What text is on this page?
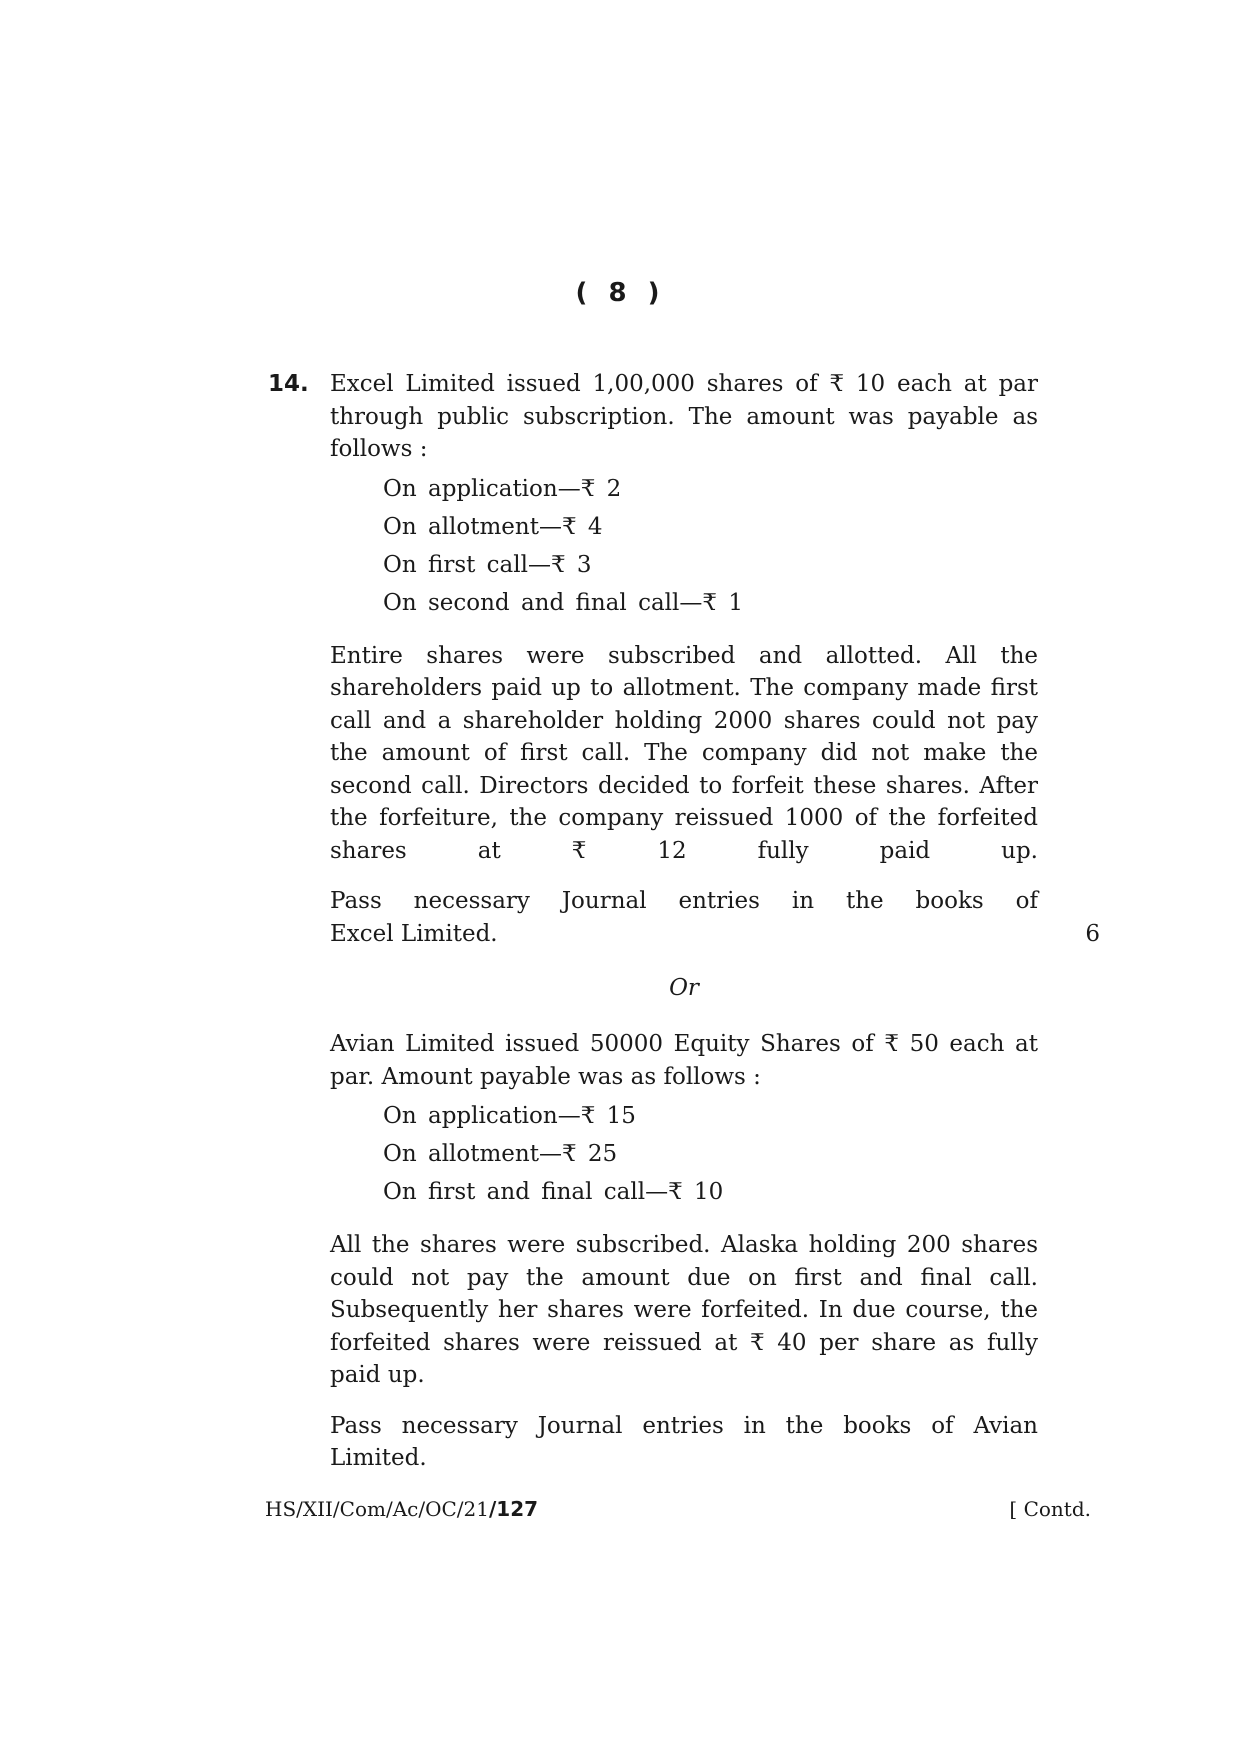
( 8 )
14. Excel Limited issued 1,00,000 shares of ₹ 10 each at par through public subscription. The amount was payable as follows :

On application—₹ 2
On allotment—₹ 4
On first call—₹ 3
On second and final call—₹ 1

Entire shares were subscribed and allotted. All the shareholders paid up to allotment. The company made first call and a shareholder holding 2000 shares could not pay the amount of first call. The company did not make the second call. Directors decided to forfeit these shares. After the forfeiture, the company reissued 1000 of the forfeited shares at ₹ 12 fully paid up.

Pass necessary Journal entries in the books of

Excel Limited.	6
Or

Avian Limited issued 50000 Equity Shares of ₹ 50 each at par. Amount payable was as follows :

On application—₹ 15
On allotment—₹ 25
On first and final call—₹ 10

All the shares were subscribed. Alaska holding 200 shares could not pay the amount due on first and final call. Subsequently her shares were forfeited. In due course, the forfeited shares were reissued at ₹ 40 per share as fully paid up.

Pass necessary Journal entries in the books of Avian Limited.

HS/XII/Com/Ac/OC/21/127	[ Contd.
